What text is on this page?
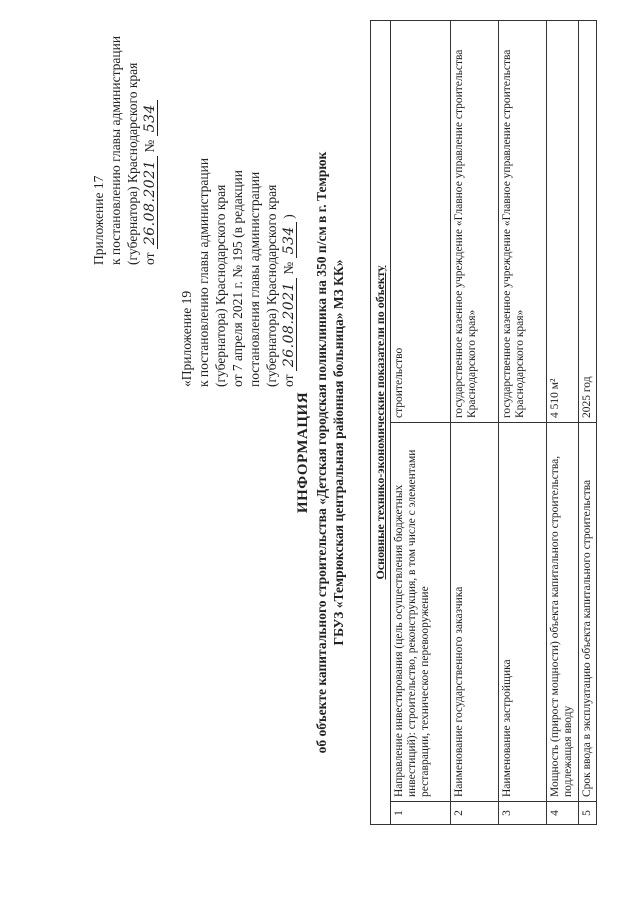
Приложение 17 к постановлению главы администрации (губернатора) Краснодарского края от 26.08.2021 № 534
«Приложение 19 к постановлению главы администрации (губернатора) Краснодарского края от 7 апреля 2021 г. № 195 (в редакции постановления главы администрации (губернатора) Краснодарского края от 26.08.2021 № 534 )
ИНФОРМАЦИЯ об объекте капитального строительства «Детская городская поликлиника на 350 п/см в г. Темрюк ГБУЗ «Темрюкская центральная районная больница» МЗ КК» Основные технико-экономические показатели по объекту		
1	Направление инвестирования (цель осуществления бюджетных инвестиций): строительство, реконструкция, в том числе с элементами реставрации, техническое перевооружение	строительство
2	Наименование государственного заказчика	государственное казенное учреждение «Главное управление строительства Краснодарского края»
3	Наименование застройщика	государственное казенное учреждение «Главное управление строительства Краснодарского края»
4	Мощность (прирост мощности) объекта капитального строительства, подлежащая вводу	4 510 м²
5	Срок ввода в эксплуатацию объекта капитального строительства	2025 год
